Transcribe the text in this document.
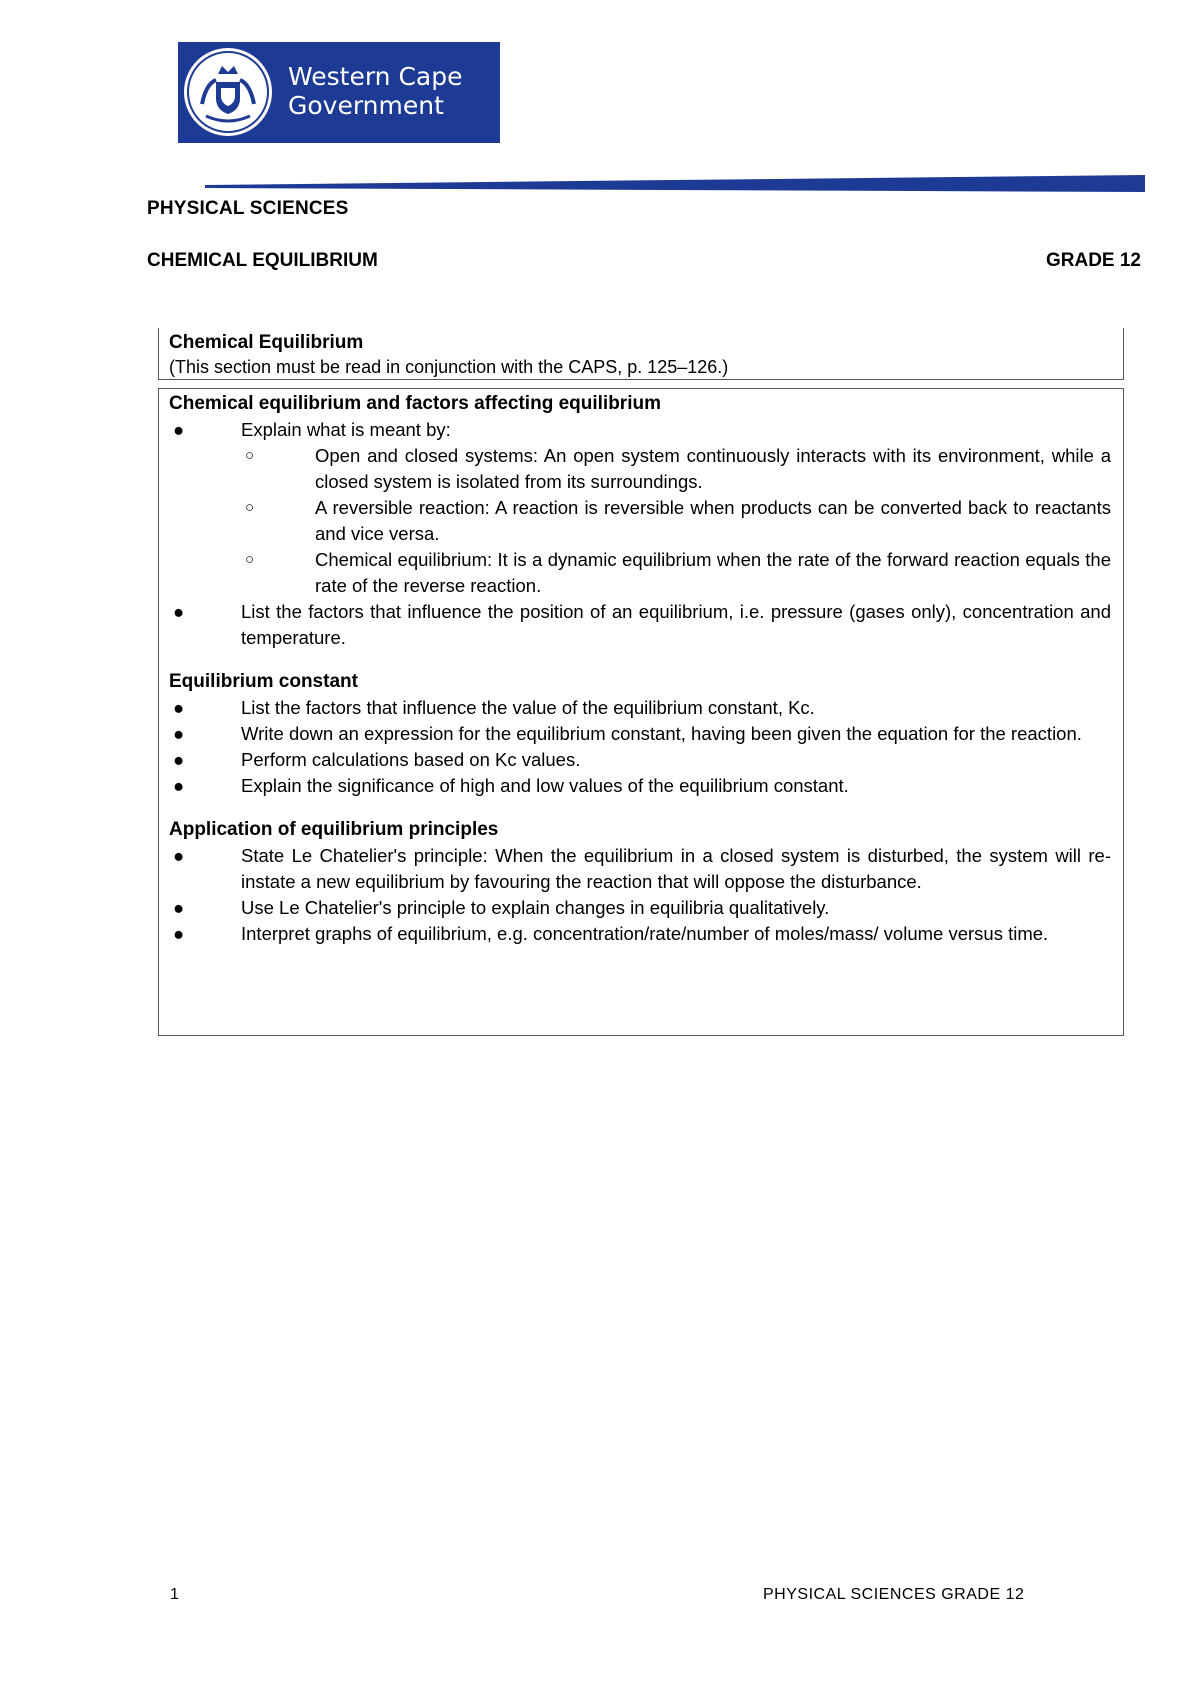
Western Cape
Government
PHYSICAL SCIENCES
CHEMICAL EQUILIBRIUM	GRADE 12
Chemical Equilibrium
(This section must be read in conjunction with the CAPS, p. 125–126.)
Chemical equilibrium and factors affecting equilibrium
●	Explain what is meant by:
○	Open and closed systems: An open system continuously interacts with its environment, while a closed system is isolated from its surroundings.
○	A reversible reaction: A reaction is reversible when products can be converted back to reactants and vice versa.
○	Chemical equilibrium: It is a dynamic equilibrium when the rate of the forward reaction equals the rate of the reverse reaction.
●	List the factors that influence the position of an equilibrium, i.e. pressure (gases only), concentration and temperature.
Equilibrium constant
●	List the factors that influence the value of the equilibrium constant, Kc.
●	Write down an expression for the equilibrium constant, having been given the equation for the reaction.
●	Perform calculations based on Kc values.
●	Explain the significance of high and low values of the equilibrium constant.
Application of equilibrium principles
●	State Le Chatelier's principle: When the equilibrium in a closed system is disturbed, the system will re-instate a new equilibrium by favouring the reaction that will oppose the disturbance.
●	Use Le Chatelier's principle to explain changes in equilibria qualitatively.
●	Interpret graphs of equilibrium, e.g. concentration/rate/number of moles/mass/ volume versus time.
1	PHYSICAL SCIENCES GRADE 12
